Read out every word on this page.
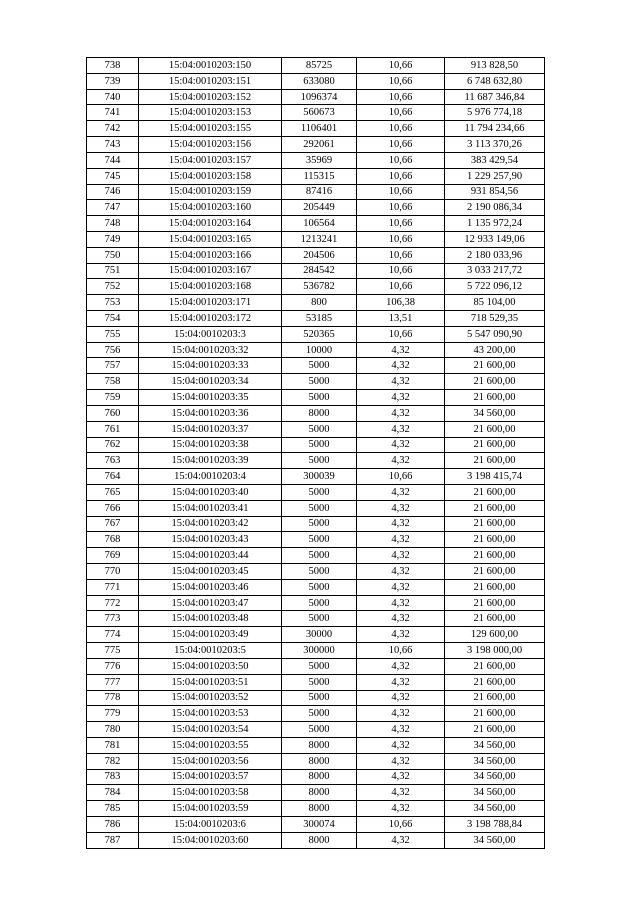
738	15:04:0010203:150	85725	10,66	913 828,50
739	15:04:0010203:151	633080	10,66	6 748 632,80
740	15:04:0010203:152	1096374	10,66	11 687 346,84
741	15:04:0010203:153	560673	10,66	5 976 774,18
742	15:04:0010203:155	1106401	10,66	11 794 234,66
743	15:04:0010203:156	292061	10,66	3 113 370,26
744	15:04:0010203:157	35969	10,66	383 429,54
745	15:04:0010203:158	115315	10,66	1 229 257,90
746	15:04:0010203:159	87416	10,66	931 854,56
747	15:04:0010203:160	205449	10,66	2 190 086,34
748	15:04:0010203:164	106564	10,66	1 135 972,24
749	15:04:0010203:165	1213241	10,66	12 933 149,06
750	15:04:0010203:166	204506	10,66	2 180 033,96
751	15:04:0010203:167	284542	10,66	3 033 217,72
752	15:04:0010203:168	536782	10,66	5 722 096,12
753	15:04:0010203:171	800	106,38	85 104,00
754	15:04:0010203:172	53185	13,51	718 529,35
755	15:04:0010203:3	520365	10,66	5 547 090,90
756	15:04:0010203:32	10000	4,32	43 200,00
757	15:04:0010203:33	5000	4,32	21 600,00
758	15:04:0010203:34	5000	4,32	21 600,00
759	15:04:0010203:35	5000	4,32	21 600,00
760	15:04:0010203:36	8000	4,32	34 560,00
761	15:04:0010203:37	5000	4,32	21 600,00
762	15:04:0010203:38	5000	4,32	21 600,00
763	15:04:0010203:39	5000	4,32	21 600,00
764	15:04:0010203:4	300039	10,66	3 198 415,74
765	15:04:0010203:40	5000	4,32	21 600,00
766	15:04:0010203:41	5000	4,32	21 600,00
767	15:04:0010203:42	5000	4,32	21 600,00
768	15:04:0010203:43	5000	4,32	21 600,00
769	15:04:0010203:44	5000	4,32	21 600,00
770	15:04:0010203:45	5000	4,32	21 600,00
771	15:04:0010203:46	5000	4,32	21 600,00
772	15:04:0010203:47	5000	4,32	21 600,00
773	15:04:0010203:48	5000	4,32	21 600,00
774	15:04:0010203:49	30000	4,32	129 600,00
775	15:04:0010203:5	300000	10,66	3 198 000,00
776	15:04:0010203:50	5000	4,32	21 600,00
777	15:04:0010203:51	5000	4,32	21 600,00
778	15:04:0010203:52	5000	4,32	21 600,00
779	15:04:0010203:53	5000	4,32	21 600,00
780	15:04:0010203:54	5000	4,32	21 600,00
781	15:04:0010203:55	8000	4,32	34 560,00
782	15:04:0010203:56	8000	4,32	34 560,00
783	15:04:0010203:57	8000	4,32	34 560,00
784	15:04:0010203:58	8000	4,32	34 560,00
785	15:04:0010203:59	8000	4,32	34 560,00
786	15:04:0010203:6	300074	10,66	3 198 788,84
787	15:04:0010203:60	8000	4,32	34 560,00
